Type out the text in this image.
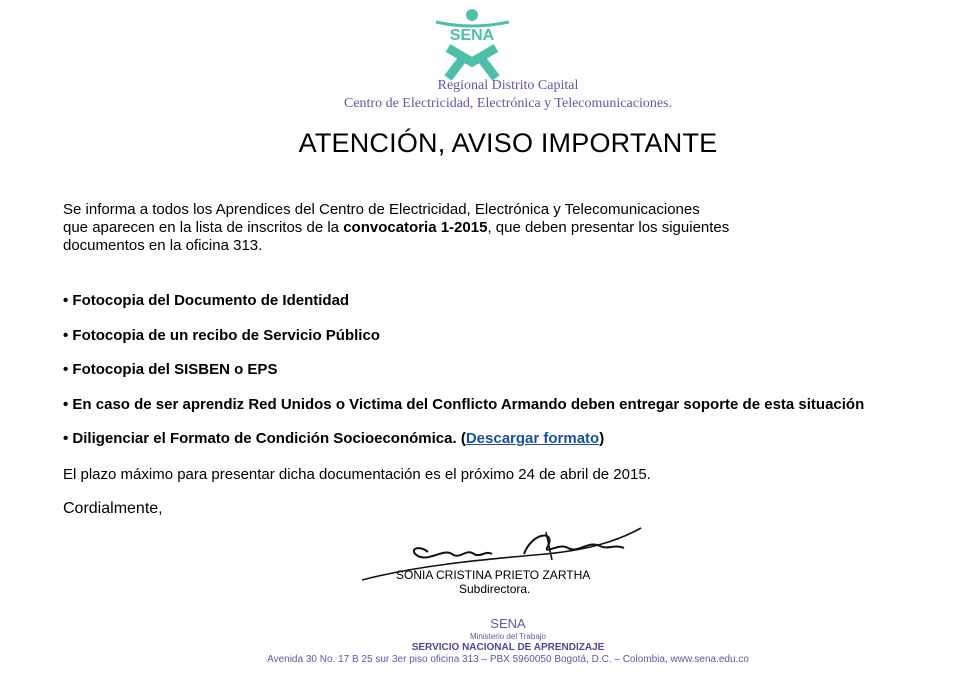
SENA
Regional Distrito Capital
Centro de Electricidad, Electrónica y Telecomunicaciones.
ATENCIÓN, AVISO IMPORTANTE
Se informa a todos los Aprendices del Centro de Electricidad, Electrónica y Telecomunicaciones
que aparecen en la lista de inscritos de la convocatoria 1-2015, que deben presentar los siguientes
documentos en la oficina 313.
• Fotocopia del Documento de Identidad
• Fotocopia de un recibo de Servicio Público
• Fotocopia del SISBEN o EPS
• En caso de ser aprendiz Red Unidos o Victima del Conflicto Armando deben entregar soporte de esta situación
• Diligenciar el Formato de Condición Socioeconómica. (Descargar formato)
El plazo máximo para presentar dicha documentación es el próximo 24 de abril de 2015.
Cordialmente,
SONIA CRISTINA PRIETO ZARTHA
Subdirectora.
SENA
Ministerio del Trabajo
SERVICIO NACIONAL DE APRENDIZAJE
Avenida 30 No. 17 B 25 sur 3er piso oficina 313 – PBX 5960050 Bogotá, D.C. – Colombia, www.sena.edu.co
